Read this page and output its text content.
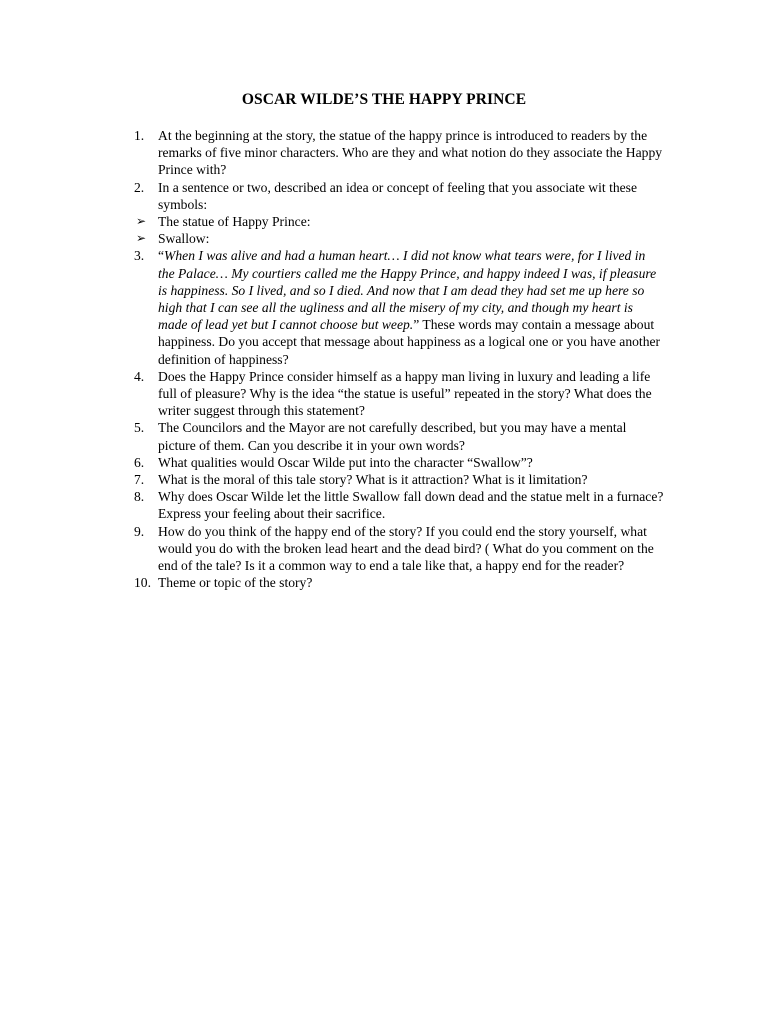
OSCAR WILDE’S THE HAPPY PRINCE
1.	At the beginning at the story, the statue of the happy prince is introduced to readers by the remarks of five minor characters. Who are they and what notion do they associate the Happy Prince with?
2.	In a sentence or two, described an idea or concept of feeling that you associate wit these symbols:
➢ The statue of Happy Prince:
➢ Swallow:
3.	“When I was alive and had a human heart… I did not know what tears were, for I lived in the Palace… My courtiers called me the Happy Prince, and happy indeed I was, if pleasure is happiness. So I lived, and so I died. And now that I am dead they had set me up here so high that I can see all the ugliness and all the misery of my city, and though my heart is made of lead yet but I cannot choose but weep.” These words may contain a message about happiness. Do you accept that message about happiness as a logical one or you have another definition of happiness?
4.	Does the Happy Prince consider himself as a happy man living in luxury and leading a life full of pleasure? Why is the idea “the statue is useful” repeated in the story? What does the writer suggest through this statement?
5.	The Councilors and the Mayor are not carefully described, but you may have a mental picture of them. Can you describe it in your own words?
6.	What qualities would Oscar Wilde put into the character “Swallow”?
7.	What is the moral of this tale story? What is it attraction? What is it limitation?
8.	Why does Oscar Wilde let the little Swallow fall down dead and the statue melt in a furnace? Express your feeling about their sacrifice.
9.	How do you think of the happy end of the story? If you could end the story yourself, what would you do with the broken lead heart and the dead bird? ( What do you comment on the end of the tale? Is it a common way to end a tale like that, a happy end for the reader?
10. Theme or topic of the story?
